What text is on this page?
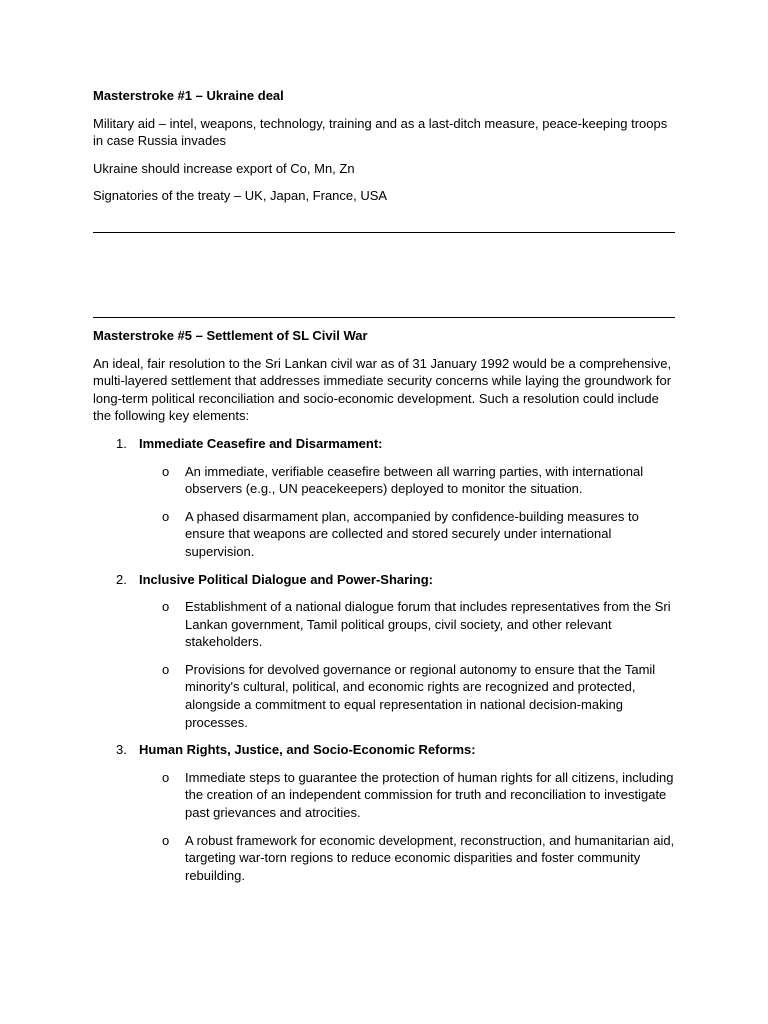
Masterstroke #1 – Ukraine deal

Military aid – intel, weapons, technology, training and as a last-ditch measure, peace-keeping troops in case Russia invades

Ukraine should increase export of Co, Mn, Zn

Signatories of the treaty – UK, Japan, France, USA

Masterstroke #5 – Settlement of SL Civil War

An ideal, fair resolution to the Sri Lankan civil war as of 31 January 1992 would be a comprehensive, multi-layered settlement that addresses immediate security concerns while laying the groundwork for long-term political reconciliation and socio-economic development. Such a resolution could include the following key elements:

1. Immediate Ceasefire and Disarmament:
o An immediate, verifiable ceasefire between all warring parties, with international observers (e.g., UN peacekeepers) deployed to monitor the situation.
o A phased disarmament plan, accompanied by confidence-building measures to ensure that weapons are collected and stored securely under international supervision.
2. Inclusive Political Dialogue and Power-Sharing:
o Establishment of a national dialogue forum that includes representatives from the Sri Lankan government, Tamil political groups, civil society, and other relevant stakeholders.
o Provisions for devolved governance or regional autonomy to ensure that the Tamil minority's cultural, political, and economic rights are recognized and protected, alongside a commitment to equal representation in national decision-making processes.
3. Human Rights, Justice, and Socio-Economic Reforms:
o Immediate steps to guarantee the protection of human rights for all citizens, including the creation of an independent commission for truth and reconciliation to investigate past grievances and atrocities.
o A robust framework for economic development, reconstruction, and humanitarian aid, targeting war-torn regions to reduce economic disparities and foster community rebuilding.
